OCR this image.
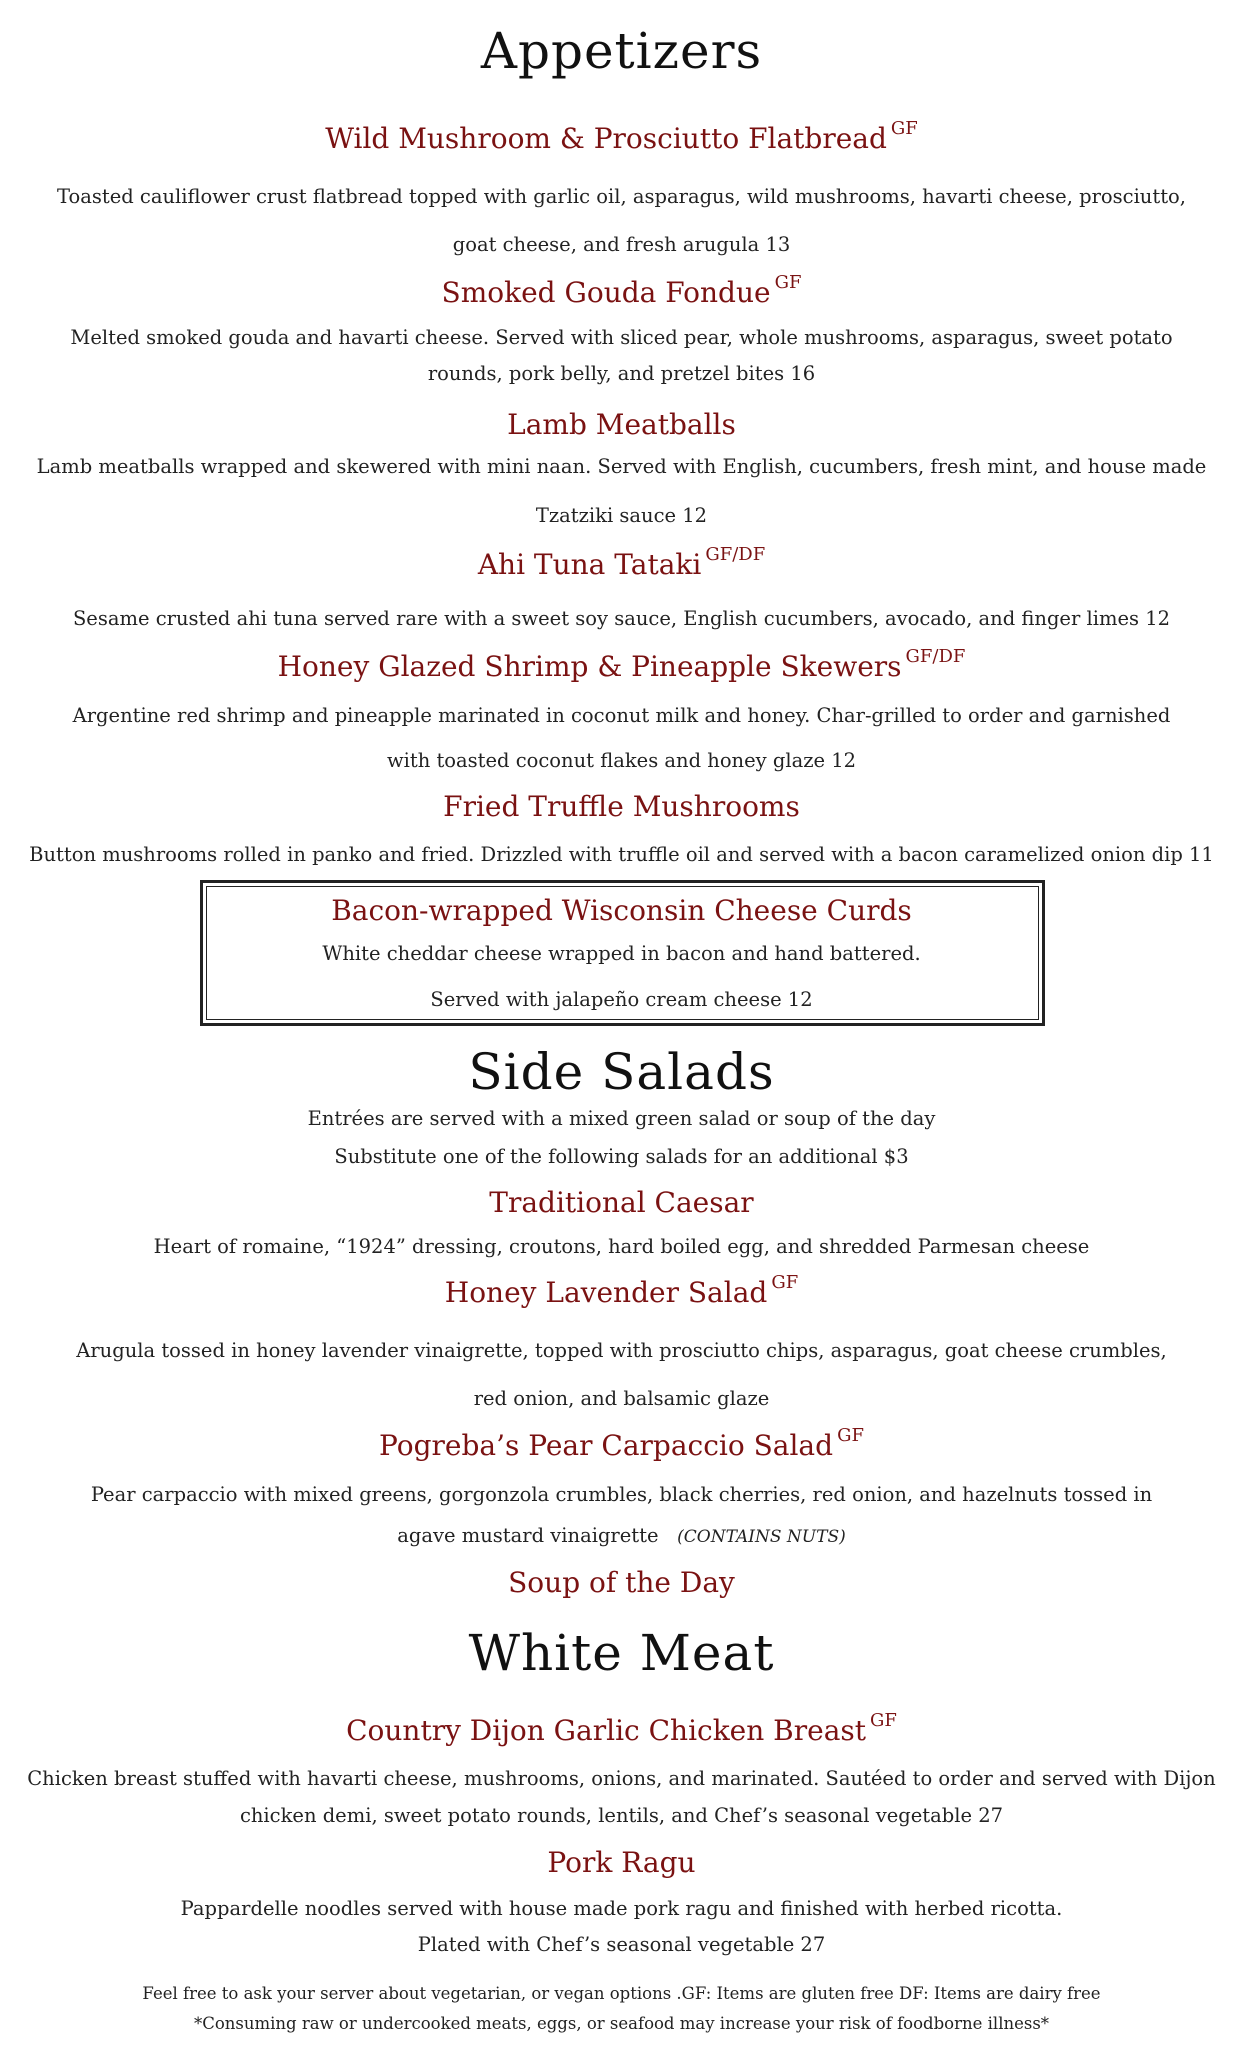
Appetizers
Wild Mushroom & Prosciutto Flatbread $^{GF}$
Toasted cauliflower crust flatbread topped with garlic oil, asparagus, wild mushrooms, havarti cheese, prosciutto,
goat cheese, and fresh arugula 13
Smoked Gouda Fondue $^{GF}$
Melted smoked gouda and havarti cheese. Served with sliced pear, whole mushrooms, asparagus, sweet potato
rounds, pork belly, and pretzel bites 16
Lamb Meatballs
Lamb meatballs wrapped and skewered with mini naan. Served with English, cucumbers, fresh mint, and house made
Tzatziki sauce 12
Ahi Tuna Tataki $^{GF/DF}$
Sesame crusted ahi tuna served rare with a sweet soy sauce, English cucumbers, avocado, and finger limes 12
Honey Glazed Shrimp & Pineapple Skewers $^{GF/DF}$
Argentine red shrimp and pineapple marinated in coconut milk and honey. Char-grilled to order and garnished
with toasted coconut flakes and honey glaze 12
Fried Truffle Mushrooms
Button mushrooms rolled in panko and fried. Drizzled with truffle oil and served with a bacon caramelized onion dip 11
Bacon-wrapped Wisconsin Cheese Curds
White cheddar cheese wrapped in bacon and hand battered.
Served with jalapeño cream cheese 12
Side Salads
Entrées are served with a mixed green salad or soup of the day
Substitute one of the following salads for an additional $3
Traditional Caesar
Heart of romaine, “1924” dressing, croutons, hard boiled egg, and shredded Parmesan cheese
Honey Lavender Salad $^{GF}$
Arugula tossed in honey lavender vinaigrette, topped with prosciutto chips, asparagus, goat cheese crumbles,
red onion, and balsamic glaze
Pogreba’s Pear Carpaccio Salad $^{GF}$
Pear carpaccio with mixed greens, gorgonzola crumbles, black cherries, red onion, and hazelnuts tossed in
agave mustard vinaigrette (CONTAINS NUTS)
Soup of the Day
White Meat
Country Dijon Garlic Chicken Breast $^{GF}$
Chicken breast stuffed with havarti cheese, mushrooms, onions, and marinated. Sautéed to order and served with Dijon
chicken demi, sweet potato rounds, lentils, and Chef’s seasonal vegetable 27
Pork Ragu
Pappardelle noodles served with house made pork ragu and finished with herbed ricotta.
Plated with Chef’s seasonal vegetable 27
Feel free to ask your server about vegetarian, or vegan options .GF: Items are gluten free DF: Items are dairy free
*Consuming raw or undercooked meats, eggs, or seafood may increase your risk of foodborne illness*
